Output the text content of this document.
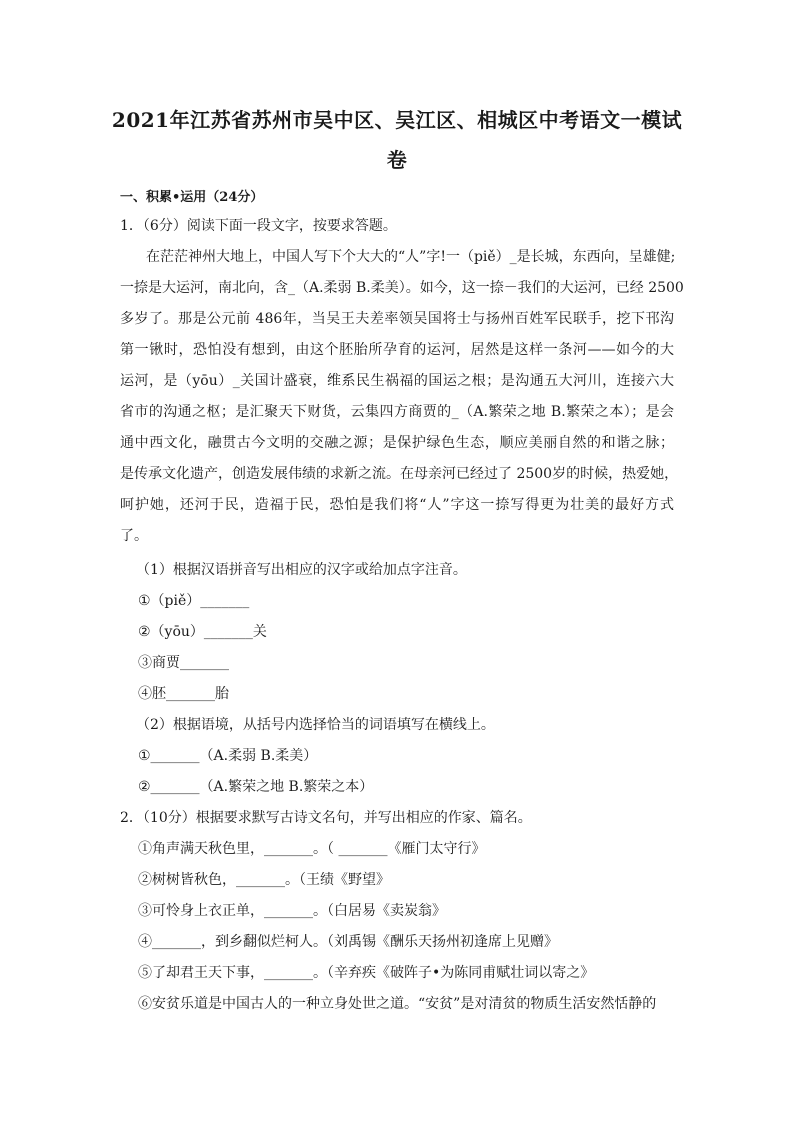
2021年江苏省苏州市吴中区、吴江区、相城区中考语文一模试
卷
一、积累•运用（24分）
1．（6分）阅读下面一段文字，按要求答题。
在茫茫神州大地上，中国人写下个大大的“人”字!一（piě）_是长城，东西向，呈雄健;
一捺是大运河，南北向，含_（A.柔弱 B.柔美）。如今，这一捺－我们的大运河，已经 2500
多岁了。那是公元前 486年，当吴王夫差率领吴国将士与扬州百姓军民联手，挖下邗沟
第一锹时，恐怕没有想到，由这个胚胎所孕育的运河，居然是这样一条河——如今的大
运河，是（yōu）_关国计盛衰，维系民生祸福的国运之根；是沟通五大河川，连接六大
省市的沟通之枢；是汇聚天下财货，云集四方商贾的_（A.繁荣之地 B.繁荣之本）；是会
通中西文化，融贯古今文明的交融之源；是保护绿色生态，顺应美丽自然的和谐之脉；
是传承文化遗产，创造发展伟绩的求新之流。在母亲河已经过了 2500岁的时候，热爱她，
呵护她，还河于民，造福于民，恐怕是我们将“人”字这一捺写得更为壮美的最好方式
了。
（1）根据汉语拼音写出相应的汉字或给加点字注音。
①（piě）_______
②（yōu）_______关
③商贾_______
④胚_______胎
（2）根据语境，从括号内选择恰当的词语填写在横线上。
①_______（A.柔弱 B.柔美）
②_______（A.繁荣之地 B.繁荣之本）
2．（10分）根据要求默写古诗文名句，并写出相应的作家、篇名。
①角声满天秋色里，_______。（ _______《雁门太守行》
②树树皆秋色，_______。（王绩《野望》
③可怜身上衣正单，_______。（白居易《卖炭翁》
④_______，到乡翻似烂柯人。（刘禹锡《酬乐天扬州初逢席上见赠》
⑤了却君王天下事，_______。（辛弃疾《破阵子•为陈同甫赋壮词以寄之》
⑥安贫乐道是中国古人的一种立身处世之道。“安贫”是对清贫的物质生活安然恬静的
